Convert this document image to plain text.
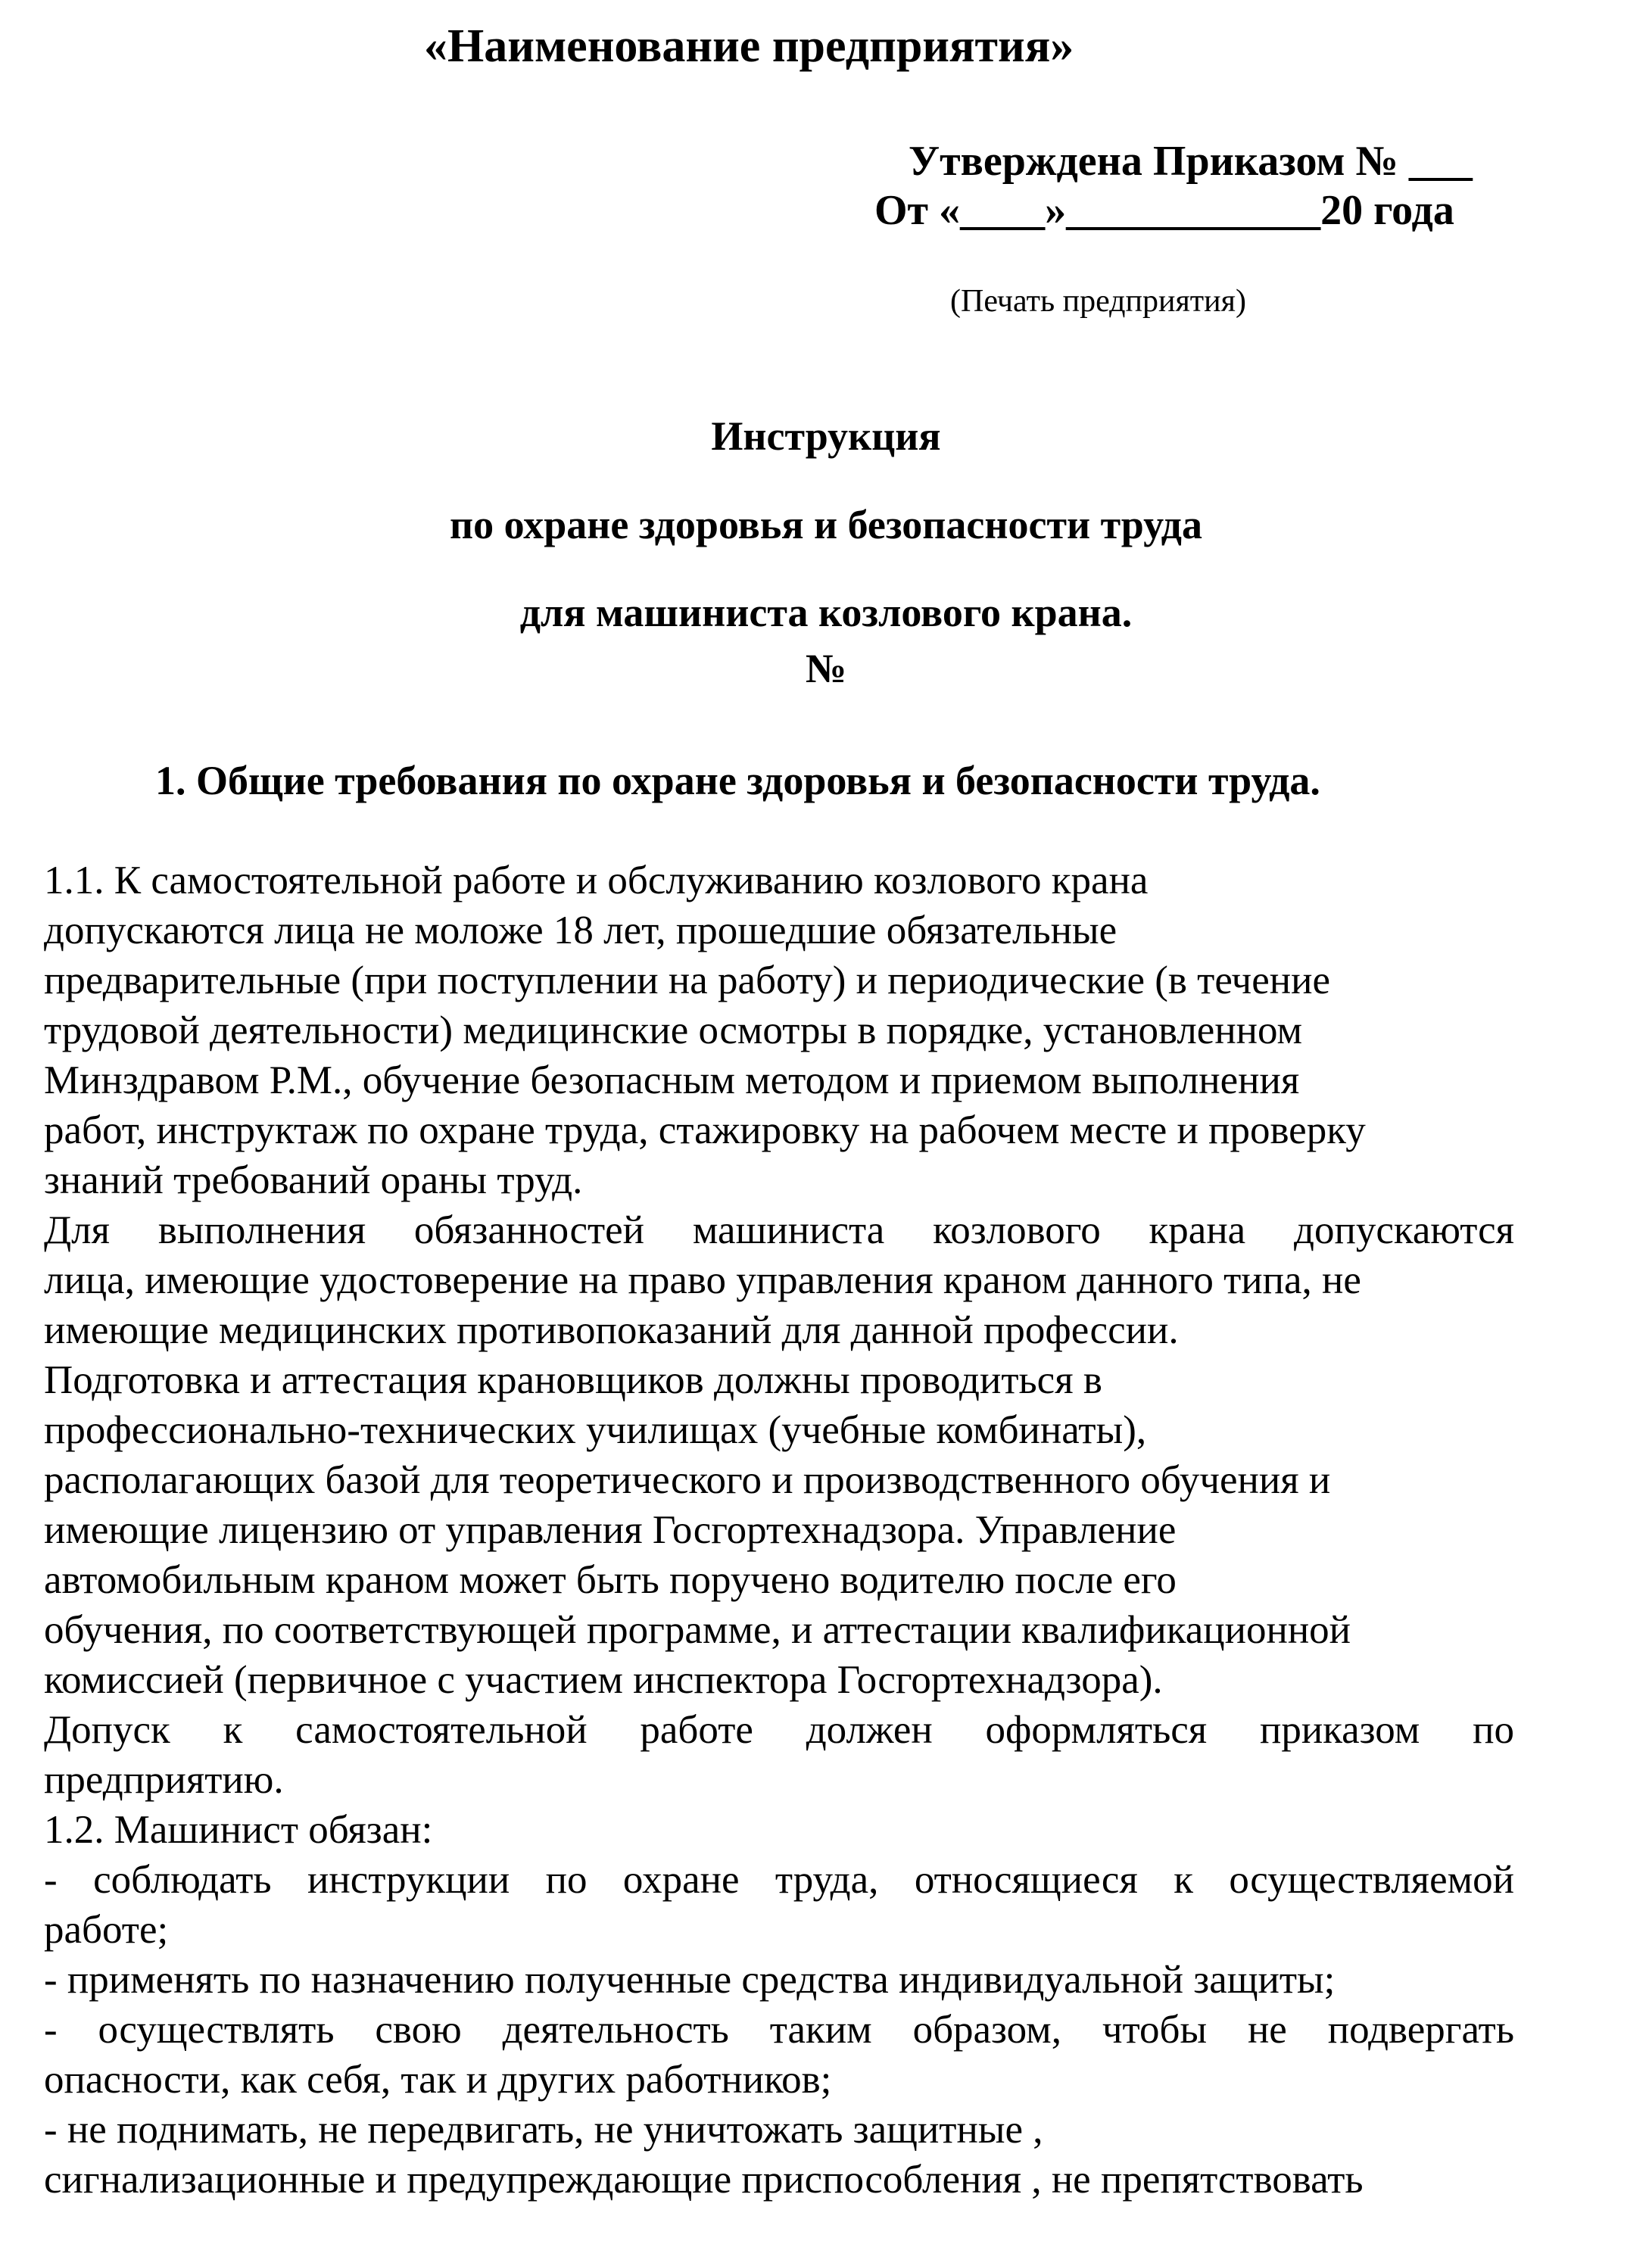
«Наименование предприятия»
Утверждена Приказом № ___
От «____»____________20 года
(Печать предприятия)
Инструкция
по охране здоровья и безопасности труда
для машиниста козлового крана.
№
1. Общие требования по охране здоровья и безопасности труда.
1.1. К самостоятельной работе и обслуживанию козлового крана
допускаются лица не моложе 18 лет, прошедшие обязательные
предварительные (при поступлении на работу) и периодические (в течение
трудовой деятельности) медицинские осмотры в порядке, установленном
Минздравом Р.М., обучение безопасным методом и приемом выполнения
работ, инструктаж по охране труда, стажировку на рабочем месте и проверку
знаний требований ораны труд.
Для выполнения обязанностей машиниста козлового крана допускаются
лица, имеющие удостоверение на право управления краном данного типа, не
имеющие медицинских противопоказаний для данной профессии.
Подготовка и аттестация крановщиков должны проводиться в
профессионально-технических училищах (учебные комбинаты),
располагающих базой для теоретического и производственного обучения и
имеющие лицензию от управления Госгортехнадзора. Управление
автомобильным краном может быть поручено водителю после его
обучения, по соответствующей программе, и аттестации квалификационной
комиссией (первичное с участием инспектора Госгортехнадзора).
Допуск к самостоятельной работе должен оформляться приказом по
предприятию.
1.2. Машинист обязан:
- соблюдать инструкции по охране труда, относящиеся к осуществляемой
работе;
- применять по назначению полученные средства индивидуальной защиты;
- осуществлять свою деятельность таким образом, чтобы не подвергать
опасности, как себя, так и других работников;
- не поднимать, не передвигать, не уничтожать защитные ,
сигнализационные и предупреждающие приспособления , не препятствовать
